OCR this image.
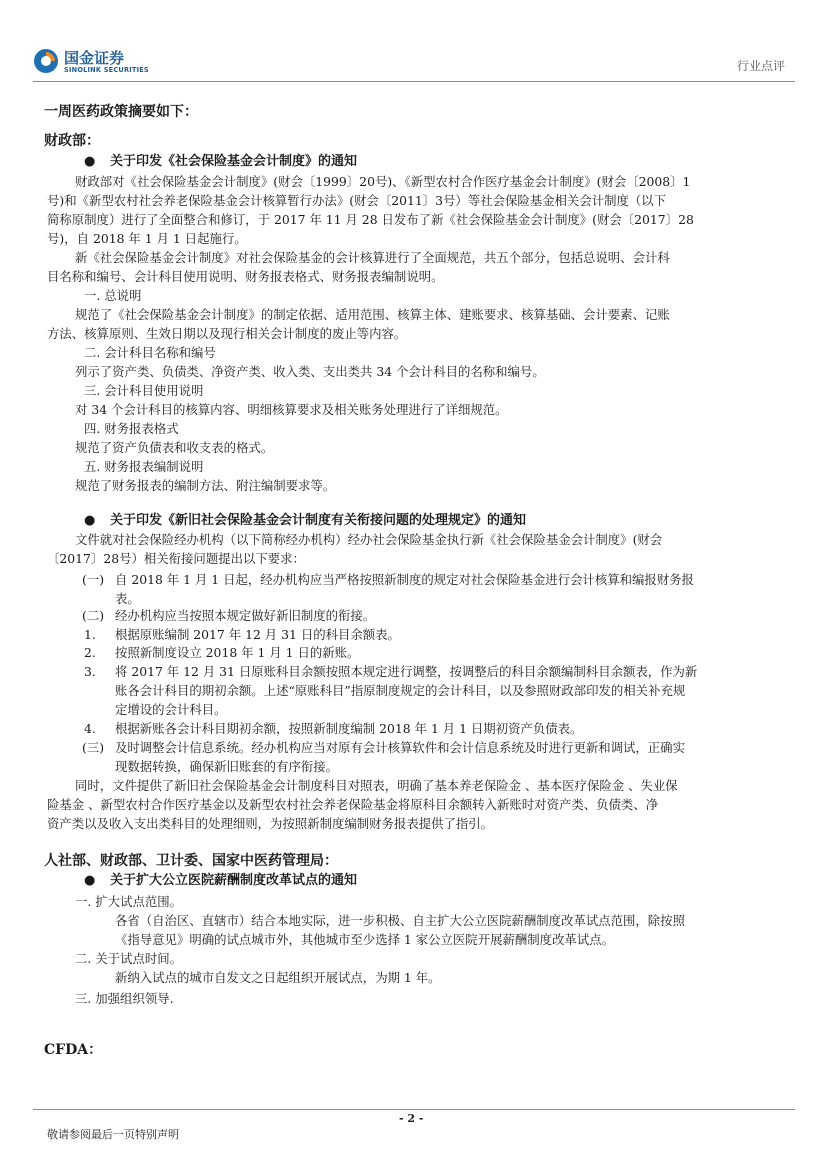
国金证券
SINOLINK SECURITIES	行业点评
一周医药政策摘要如下：
财政部：
● 关于印发《社会保险基金会计制度》的通知
财政部对《社会保险基金会计制度》(财会〔1999〕20号)、《新型农村合作医疗基金会计制度》(财会〔2008〕1
号)和《新型农村社会养老保险基金会计核算暂行办法》(财会〔2011〕3号）等社会保险基金相关会计制度（以下
简称原制度）进行了全面整合和修订，于 2017 年 11 月 28 日发布了新《社会保险基金会计制度》(财会〔2017〕28
号)，自 2018 年 1 月 1 日起施行。
新《社会保险基金会计制度》对社会保险基金的会计核算进行了全面规范，共五个部分，包括总说明、会计科
目名称和编号、会计科目使用说明、财务报表格式、财务报表编制说明。
一. 总说明
规范了《社会保险基金会计制度》的制定依据、适用范围、核算主体、建账要求、核算基础、会计要素、记账
方法、核算原则、生效日期以及现行相关会计制度的废止等内容。
二. 会计科目名称和编号
列示了资产类、负债类、净资产类、收入类、支出类共 34 个会计科目的名称和编号。
三. 会计科目使用说明
对 34 个会计科目的核算内容、明细核算要求及相关账务处理进行了详细规范。
四. 财务报表格式
规范了资产负债表和收支表的格式。
五. 财务报表编制说明
规范了财务报表的编制方法、附注编制要求等。
● 关于印发《新旧社会保险基金会计制度有关衔接问题的处理规定》的通知
文件就对社会保险经办机构（以下简称经办机构）经办社会保险基金执行新《社会保险基金会计制度》(财会
〔2017〕28号）相关衔接问题提出以下要求：
(一) 自 2018 年 1 月 1 日起，经办机构应当严格按照新制度的规定对社会保险基金进行会计核算和编报财务报
表。
(二) 经办机构应当按照本规定做好新旧制度的衔接。
1. 根据原账编制 2017 年 12 月 31 日的科目余额表。
2. 按照新制度设立 2018 年 1 月 1 日的新账。
3. 将 2017 年 12 月 31 日原账科目余额按照本规定进行调整，按调整后的科目余额编制科目余额表，作为新
账各会计科目的期初余额。上述“原账科目”指原制度规定的会计科目，以及参照财政部印发的相关补充规
定增设的会计科目。
4. 根据新账各会计科目期初余额，按照新制度编制 2018 年 1 月 1 日期初资产负债表。
(三) 及时调整会计信息系统。经办机构应当对原有会计核算软件和会计信息系统及时进行更新和调试，正确实
现数据转换，确保新旧账套的有序衔接。
同时，文件提供了新旧社会保险基金会计制度科目对照表，明确了基本养老保险金 、基本医疗保险金 、失业保
险基金 、新型农村合作医疗基金以及新型农村社会养老保险基金将原科目余额转入新账时对资产类、负债类、净
资产类以及收入支出类科目的处理细则，为按照新制度编制财务报表提供了指引。
人社部、财政部、卫计委、国家中医药管理局：
● 关于扩大公立医院薪酬制度改革试点的通知
一. 扩大试点范围。
各省（自治区、直辖市）结合本地实际，进一步积极、自主扩大公立医院薪酬制度改革试点范围，除按照
《指导意见》明确的试点城市外，其他城市至少选择 1 家公立医院开展薪酬制度改革试点。
二. 关于试点时间。
新纳入试点的城市自发文之日起组织开展试点，为期 1 年。
三. 加强组织领导.
CFDA：
- 2 -
敬请参阅最后一页特别声明
